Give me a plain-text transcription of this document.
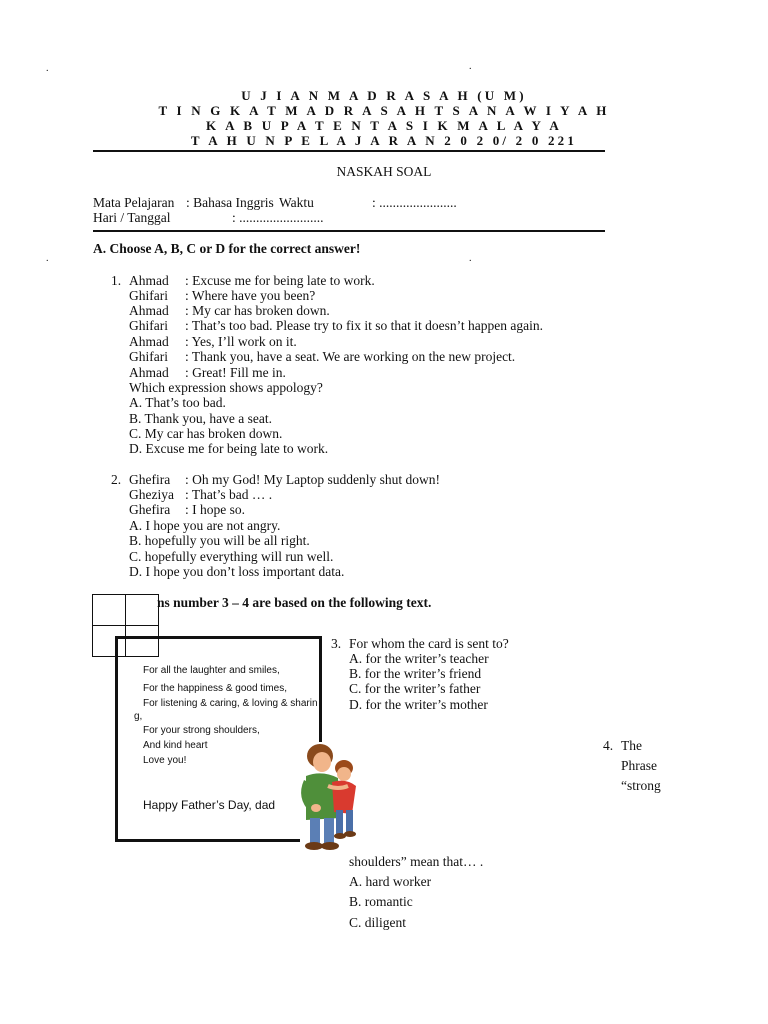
.	.
.	.
U J I A N M A D R A S A H (U M)
T I N G K A T M A D R A S A H T S A N A W I Y A H
K A B U P A T E N T A S I K M A L A Y A
T A H U N P E L A J A R A N 2 0 2 0/ 2 0 221
NASKAH SOAL
Mata Pelajaran : Bahasa Inggris Waktu	: .......................
Hari / Tanggal	: .........................
A. Choose A, B, C or D for the correct answer!
1. Ahmad : Excuse me for being late to work.
Ghifari : Where have you been?
Ahmad : My car has broken down.
Ghifari : That’s too bad. Please try to fix it so that it doesn’t happen again.
Ahmad : Yes, I’ll work on it.
Ghifari : Thank you, have a seat. We are working on the new project.
Ahmad : Great! Fill me in.
Which expression shows appology?
A. That’s too bad.
B. Thank you, have a seat.
C. My car has broken down.
D. Excuse me for being late to work.
2. Ghefira : Oh my God! My Laptop suddenly shut down!
Gheziya : That’s bad … .
Ghefira : I hope so.
A. I hope you are not angry.
B. hopefully you will be all right.
C. hopefully everything will run well.
D. I hope you don’t loss important data.
ns number 3 – 4 are based on the following text.
For all the laughter and smiles,
For the happiness & good times,
For listening & caring, & loving & sharin
g,
For your strong shoulders,
And kind heart
Love you!
Happy Father’s Day, dad
3. For whom the card is sent to?
A. for the writer’s teacher
B. for the writer’s friend
C. for the writer’s father
D. for the writer’s mother
4. The
Phrase
“strong
shoulders” mean that… .
A. hard worker
B. romantic
C. diligent
